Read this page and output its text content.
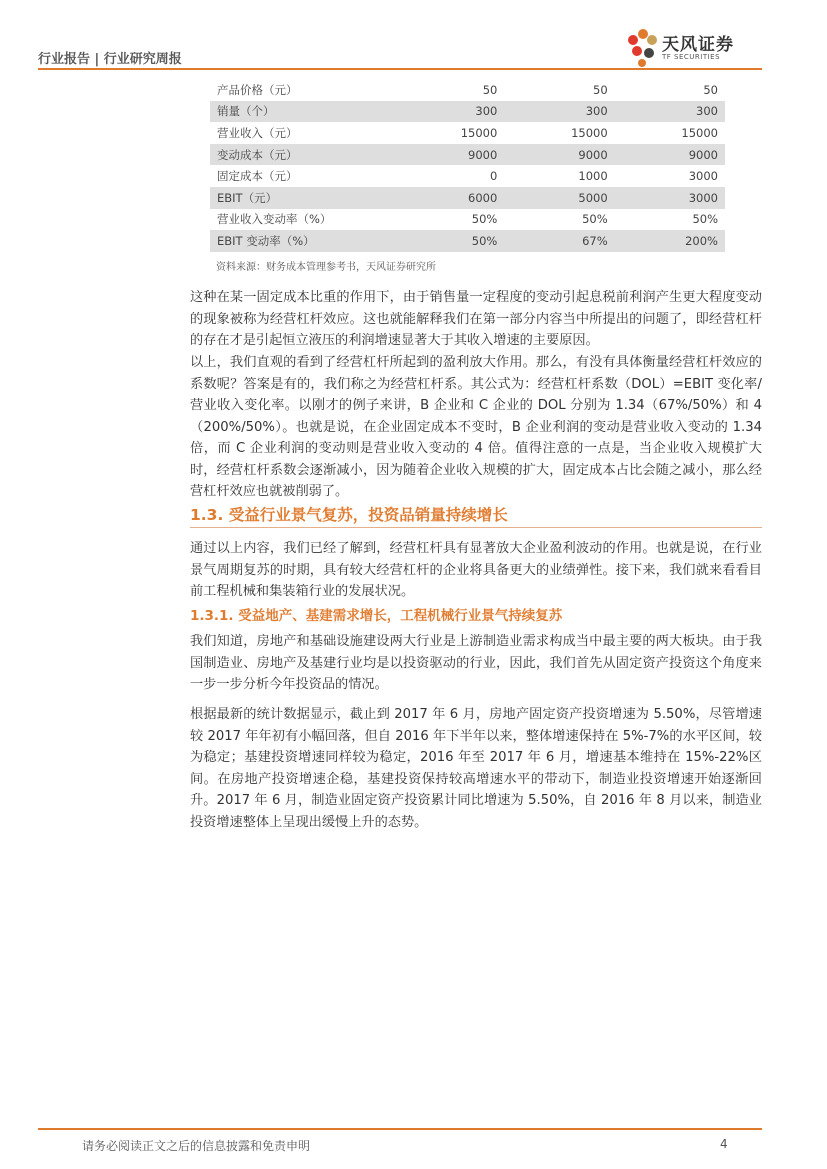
行业报告 | 行业研究周报
天风证券
TF SECURITIES
产品价格（元）	50	50	50
销量（个）	300	300	300
营业收入（元）	15000	15000	15000
变动成本（元）	9000	9000	9000
固定成本（元）	0	1000	3000
EBIT（元）	6000	5000	3000
营业收入变动率（%）	50%	50%	50%
EBIT 变动率（%）	50%	67%	200%
资料来源：财务成本管理参考书，天风证券研究所

这种在某一固定成本比重的作用下，由于销售量一定程度的变动引起息税前利润产生更大程度变动的现象被称为经营杠杆效应。这也就能解释我们在第一部分内容当中所提出的问题了，即经营杠杆的存在才是引起恒立液压的利润增速显著大于其收入增速的主要原因。

以上，我们直观的看到了经营杠杆所起到的盈利放大作用。那么，有没有具体衡量经营杠杆效应的系数呢？答案是有的，我们称之为经营杠杆系。其公式为：经营杠杆系数（DOL）=EBIT 变化率/营业收入变化率。以刚才的例子来讲，B 企业和 C 企业的 DOL 分别为 1.34（67%/50%）和 4（200%/50%）。也就是说，在企业固定成本不变时，B 企业利润的变动是营业收入变动的 1.34 倍，而 C 企业利润的变动则是营业收入变动的 4 倍。值得注意的一点是，当企业收入规模扩大时，经营杠杆系数会逐渐减小，因为随着企业收入规模的扩大，固定成本占比会随之减小，那么经营杠杆效应也就被削弱了。

1.3. 受益行业景气复苏，投资品销量持续增长

通过以上内容，我们已经了解到，经营杠杆具有显著放大企业盈利波动的作用。也就是说，在行业景气周期复苏的时期，具有较大经营杠杆的企业将具备更大的业绩弹性。接下来，我们就来看看目前工程机械和集装箱行业的发展状况。

1.3.1. 受益地产、基建需求增长，工程机械行业景气持续复苏

我们知道，房地产和基础设施建设两大行业是上游制造业需求构成当中最主要的两大板块。由于我国制造业、房地产及基建行业均是以投资驱动的行业，因此，我们首先从固定资产投资这个角度来一步一步分析今年投资品的情况。

根据最新的统计数据显示，截止到 2017 年 6 月，房地产固定资产投资增速为 5.50%，尽管增速较 2017 年年初有小幅回落，但自 2016 年下半年以来，整体增速保持在 5%-7%的水平区间，较为稳定；基建投资增速同样较为稳定，2016 年至 2017 年 6 月，增速基本维持在 15%-22%区间。在房地产投资增速企稳，基建投资保持较高增速水平的带动下，制造业投资增速开始逐渐回升。2017 年 6 月，制造业固定资产投资累计同比增速为 5.50%，自 2016 年 8 月以来，制造业投资增速整体上呈现出缓慢上升的态势。

请务必阅读正文之后的信息披露和免责申明	4
